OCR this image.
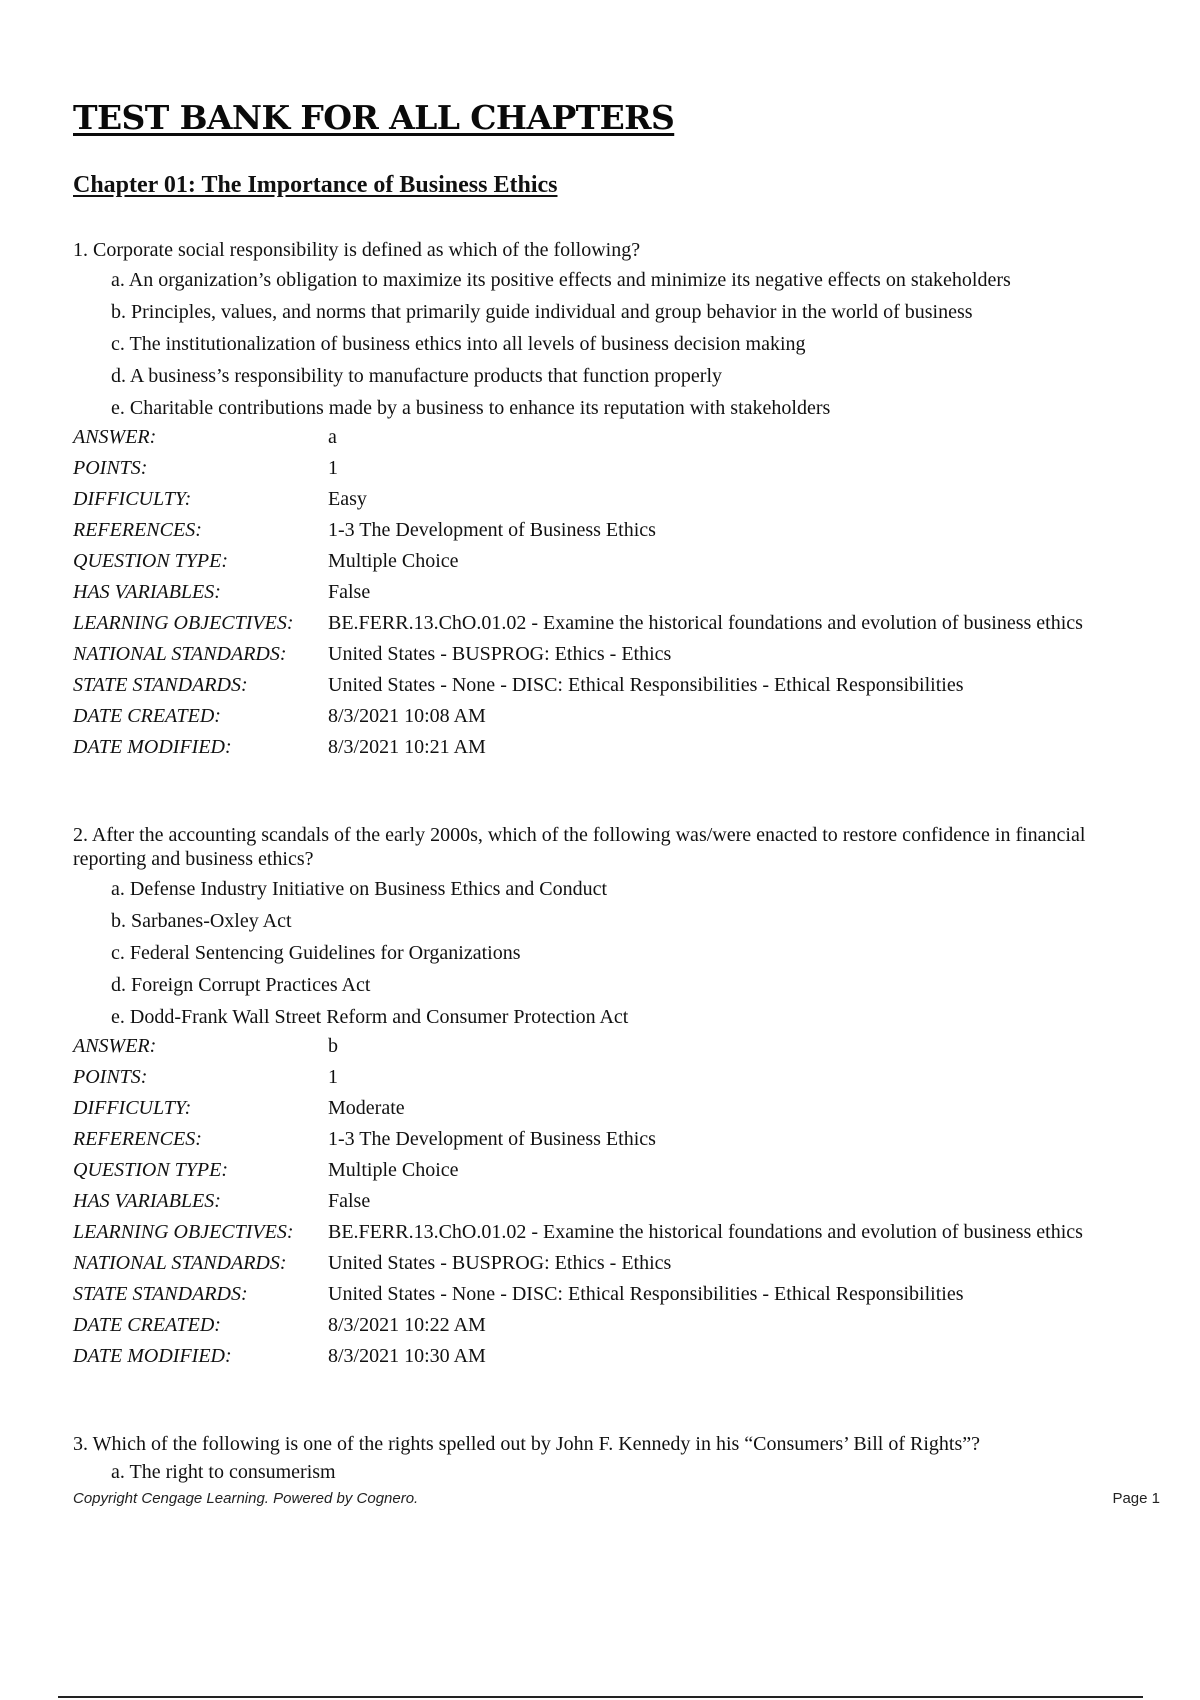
TEST BANK FOR ALL CHAPTERS
Chapter 01: The Importance of Business Ethics
1. Corporate social responsibility is defined as which of the following?
a. An organization’s obligation to maximize its positive effects and minimize its negative effects on stakeholders
b. Principles, values, and norms that primarily guide individual and group behavior in the world of business
c. The institutionalization of business ethics into all levels of business decision making
d. A business’s responsibility to manufacture products that function properly
e. Charitable contributions made by a business to enhance its reputation with stakeholders
ANSWER:	a
POINTS:	1
DIFFICULTY:	Easy
REFERENCES:	1-3 The Development of Business Ethics
QUESTION TYPE:	Multiple Choice
HAS VARIABLES:	False
LEARNING OBJECTIVES:	BE.FERR.13.ChO.01.02 - Examine the historical foundations and evolution of business ethics
NATIONAL STANDARDS:	United States - BUSPROG: Ethics - Ethics
STATE STANDARDS:	United States - None - DISC: Ethical Responsibilities - Ethical Responsibilities
DATE CREATED:	8/3/2021 10:08 AM
DATE MODIFIED:	8/3/2021 10:21 AM
2. After the accounting scandals of the early 2000s, which of the following was/were enacted to restore confidence in financial reporting and business ethics?
a. Defense Industry Initiative on Business Ethics and Conduct
b. Sarbanes-Oxley Act
c. Federal Sentencing Guidelines for Organizations
d. Foreign Corrupt Practices Act
e. Dodd-Frank Wall Street Reform and Consumer Protection Act
ANSWER:	b
POINTS:	1
DIFFICULTY:	Moderate
REFERENCES:	1-3 The Development of Business Ethics
QUESTION TYPE:	Multiple Choice
HAS VARIABLES:	False
LEARNING OBJECTIVES:	BE.FERR.13.ChO.01.02 - Examine the historical foundations and evolution of business ethics
NATIONAL STANDARDS:	United States - BUSPROG: Ethics - Ethics
STATE STANDARDS:	United States - None - DISC: Ethical Responsibilities - Ethical Responsibilities
DATE CREATED:	8/3/2021 10:22 AM
DATE MODIFIED:	8/3/2021 10:30 AM
3. Which of the following is one of the rights spelled out by John F. Kennedy in his “Consumers’ Bill of Rights”?
a. The right to consumerism
Copyright Cengage Learning. Powered by Cognero.	Page 1
